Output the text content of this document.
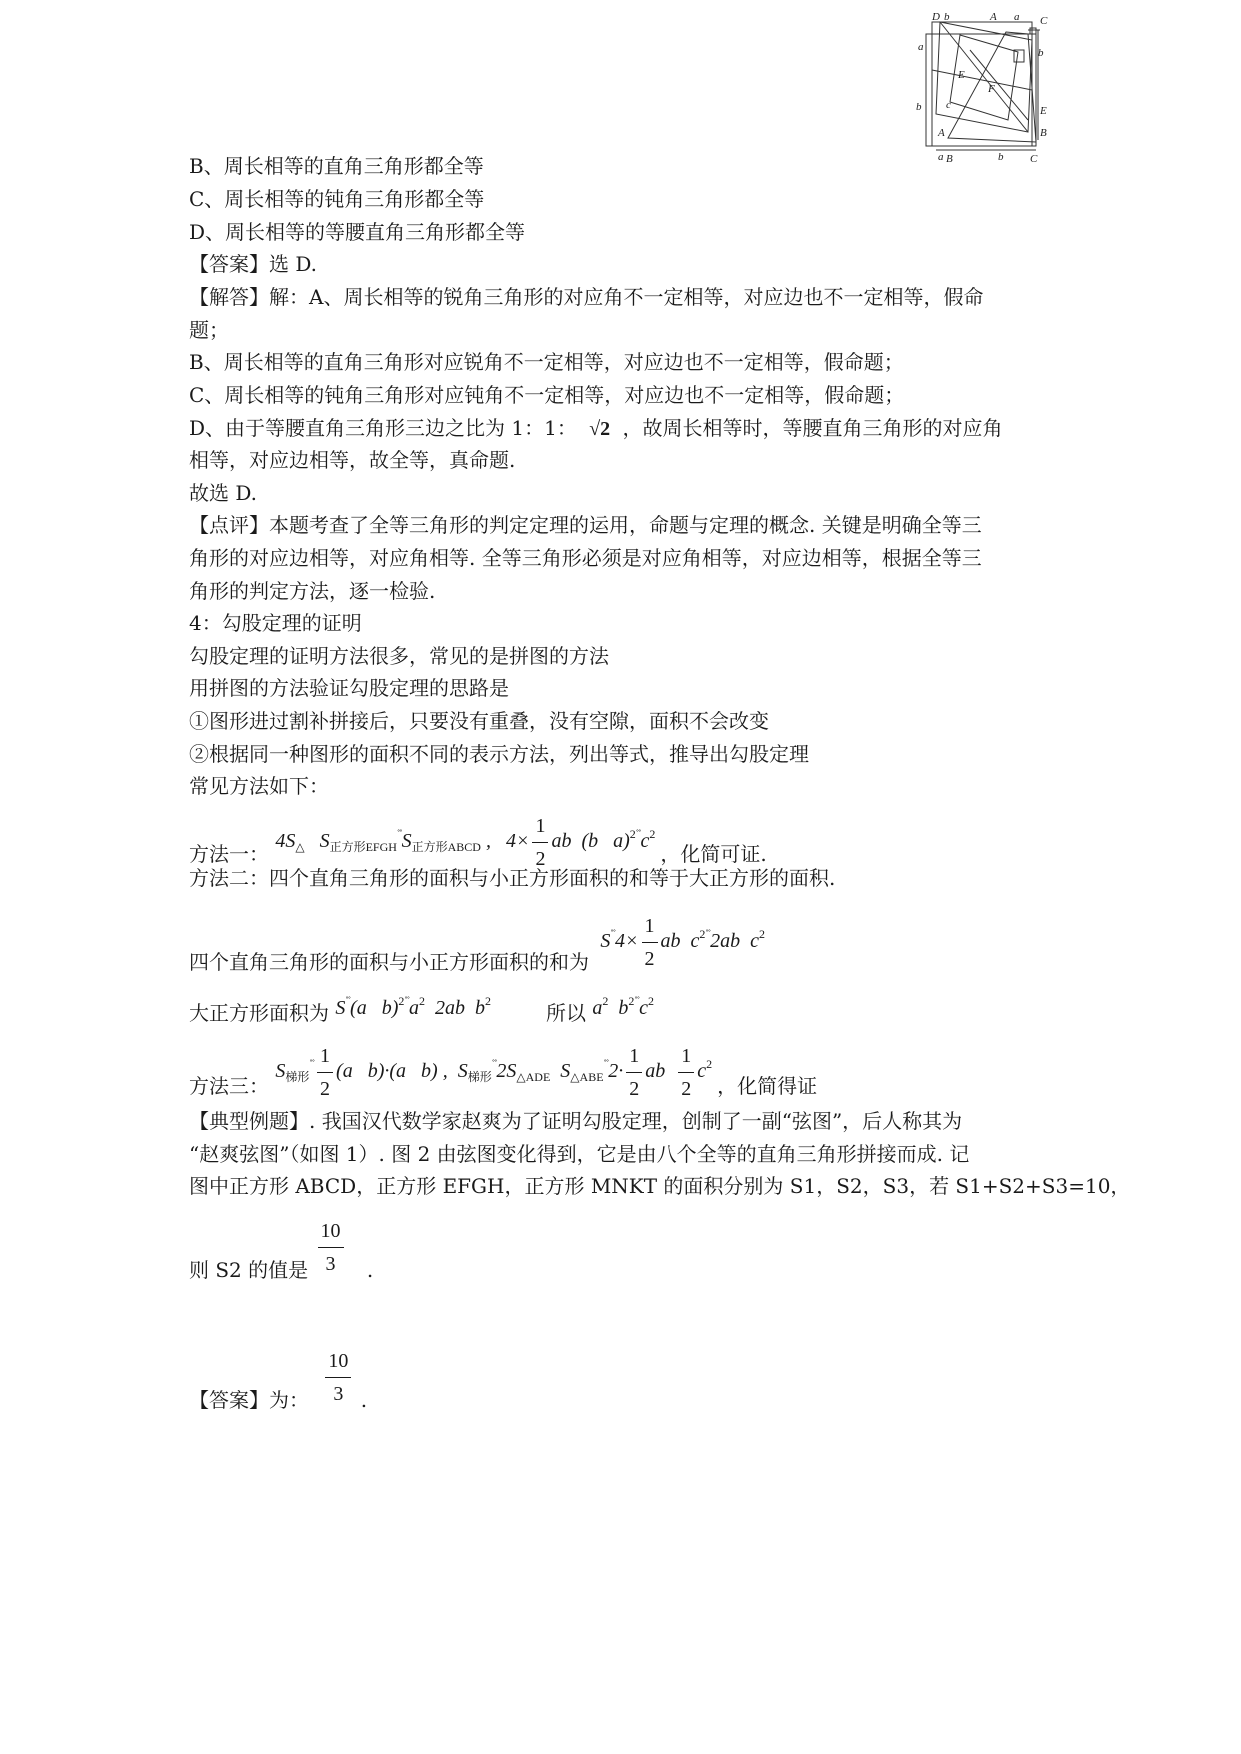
D b	A a C
a
b
E
F
c	E
A	B
a B	b C
b
B、周长相等的直角三角形都全等
C、周长相等的钝角三角形都全等
D、周长相等的等腰直角三角形都全等
【答案】选 D.
【解答】解：A、周长相等的锐角三角形的对应角不一定相等，对应边也不一定相等，假命
题；
B、周长相等的直角三角形对应锐角不一定相等，对应边也不一定相等，假命题；
C、周长相等的钝角三角形对应钝角不一定相等，对应边也不一定相等，假命题；
D、由于等腰直角三角形三边之比为 1：1： √2 ，故周长相等时，等腰直角三角形的对应角
相等，对应边相等，故全等，真命题.
故选 D.
【点评】本题考查了全等三角形的判定定理的运用，命题与定理的概念. 关键是明确全等三
角形的对应边相等，对应角相等. 全等三角形必须是对应角相等，对应边相等，根据全等三
角形的判定方法，逐一检验.
4：勾股定理的证明
勾股定理的证明方法很多，常见的是拼图的方法
用拼图的方法验证勾股定理的思路是
①图形进过割补拼接后，只要没有重叠，没有空隙，面积不会改变
②根据同一种图形的面积不同的表示方法，列出等式，推导出勾股定理
常见方法如下：
方法一： $4S_\triangle$ $S_{正方形EFGH}^{˚˚}S_{正方形ABCD}$ ,   $4\times \frac{1}{2}$ ab  (b $a)^{2˚˚}c^2$ ，化简可证.
方法二：四个直角三角形的面积与小正方形面积的和等于大正方形的面积.
四个直角三角形的面积与小正方形面积的和为  $S^{˚˚}4\times \frac{1}{2}$ ab $c^{2˚˚}2ab$ $c^2$
大正方形面积为 S˚˚(a $b)^{2˚˚}a^2$  2ab $b^2$	所以 $a^2$ $b^{2˚˚}c^2$
方法三： $S_{梯形}^{˚˚} \frac{1}{2} (a$ b)·(a b) ,  $S_{梯形}^{˚˚}2S_{\triangle ADE}$ $S_{\triangle ABE}^{˚˚}2\cdot \frac{1}{2}$ ab $\frac{1}{2} c^2$ ，化简得证
【典型例题】. 我国汉代数学家赵爽为了证明勾股定理，创制了一副“弦图”，后人称其为
“赵爽弦图”（如图 1）. 图 2 由弦图变化得到，它是由八个全等的直角三角形拼接而成. 记
图中正方形 ABCD，正方形 EFGH，正方形 MNKT 的面积分别为 S1，S2，S3，若 S1+S2+S3=10，
则 S2 的值是 $\frac{10}{3}$ .
【答案】为： $\frac{10}{3}$ .
